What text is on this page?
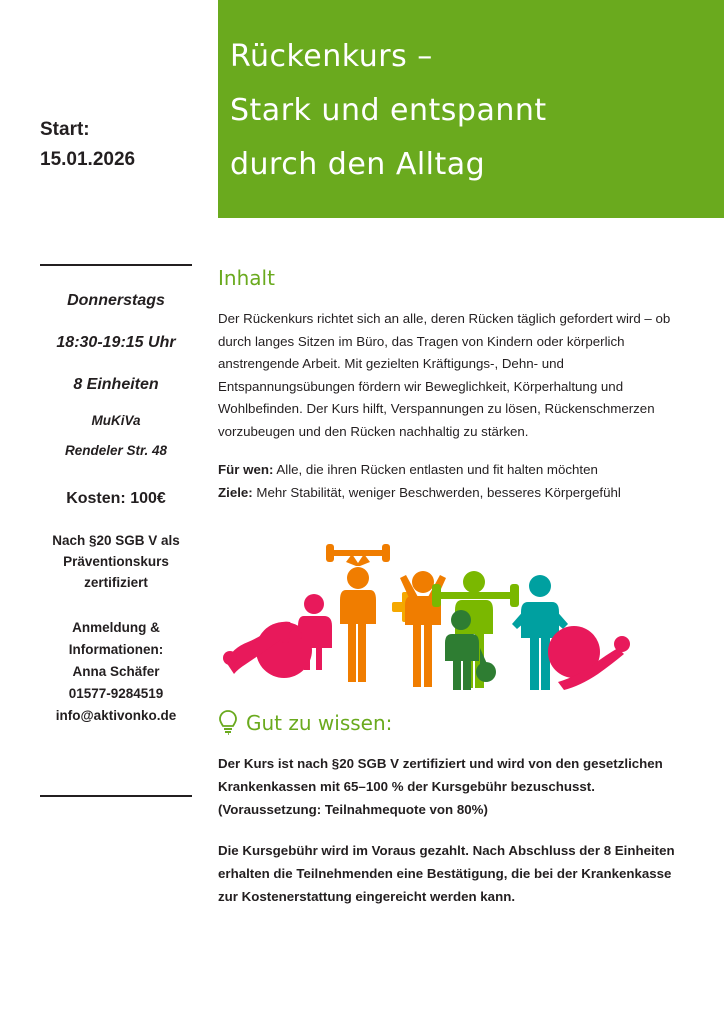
Start:
15.01.2026
Donnerstags
18:30-19:15 Uhr
8 Einheiten
MuKiVa
Rendeler Str. 48
Kosten: 100€
Nach §20 SGB V als
Präventionskurs
zertifiziert
Anmeldung &
Informationen:
Anna Schäfer
01577-9284519
info@aktivonko.de
Rückenkurs –
Stark und entspannt
durch den Alltag
Inhalt

Der Rückenkurs richtet sich an alle, deren Rücken täglich gefordert wird – ob durch langes Sitzen im Büro, das Tragen von Kindern oder körperlich anstrengende Arbeit. Mit gezielten Kräftigungs-, Dehn- und Entspannungsübungen fördern wir Beweglichkeit, Körperhaltung und Wohlbefinden. Der Kurs hilft, Verspannungen zu lösen, Rückenschmerzen vorzubeugen und den Rücken nachhaltig zu stärken.

Für wen: Alle, die ihren Rücken entlasten und fit halten möchten

Ziele: Mehr Stabilität, weniger Beschwerden, besseres Körpergefühl

Gut zu wissen:

Der Kurs ist nach §20 SGB V zertifiziert und wird von den gesetzlichen Krankenkassen mit 65–100 % der Kursgebühr bezuschusst. (Voraussetzung: Teilnahmequote von 80%)

Die Kursgebühr wird im Voraus gezahlt. Nach Abschluss der 8 Einheiten erhalten die Teilnehmenden eine Bestätigung, die bei der Krankenkasse zur Kostenerstattung eingereicht werden kann.
